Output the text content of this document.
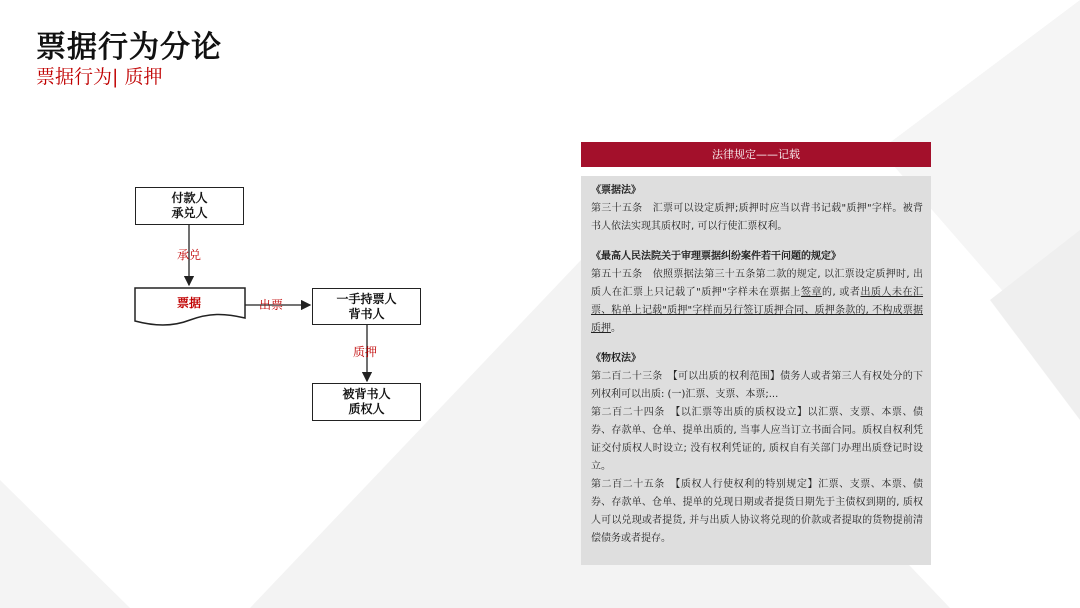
票据行为分论
票据行为| 质押
付款人
承兑人
承兑
票据	出票	一手持票人
背书人
质押
被背书人
质权人
法律规定——记载

《票据法》

第三十五条　汇票可以设定质押;质押时应当以背书记载"质押"字样。被背书人依法实现其质权时, 可以行使汇票权利。

《最高人民法院关于审理票据纠纷案件若干问题的规定》

第五十五条　依照票据法第三十五条第二款的规定, 以汇票设定质押时, 出质人在汇票上只记载了"质押"字样未在票据上签章的, 或者出质人未在汇票、粘单上记载"质押"字样而另行签订质押合同、质押条款的, 不构成票据质押。

《物权法》

第二百二十三条　【可以出质的权利范围】债务人或者第三人有权处分的下列权利可以出质: (一)汇票、支票、本票;...

第二百二十四条　【以汇票等出质的质权设立】以汇票、支票、本票、债券、存款单、仓单、提单出质的, 当事人应当订立书面合同。质权自权利凭证交付质权人时设立; 没有权利凭证的, 质权自有关部门办理出质登记时设立。

第二百二十五条　【质权人行使权利的特别规定】汇票、支票、本票、债券、存款单、仓单、提单的兑现日期或者提货日期先于主债权到期的, 质权人可以兑现或者提货, 并与出质人协议将兑现的价款或者提取的货物提前清偿债务或者提存。
